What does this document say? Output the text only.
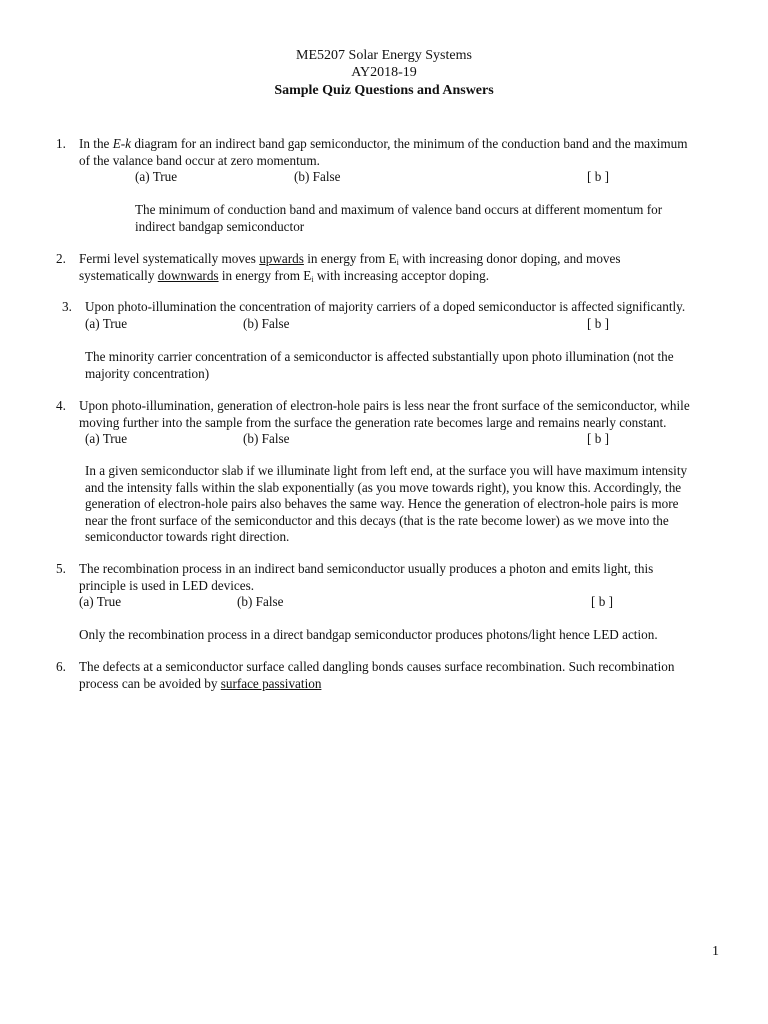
ME5207 Solar Energy Systems
AY2018-19
Sample Quiz Questions and Answers
1. In the E-k diagram for an indirect band gap semiconductor, the minimum of the conduction band and the maximum
of the valance band occur at zero momentum.
(a) True	(b) False	[ b ]
The minimum of conduction band and maximum of valence band occurs at different momentum for
indirect bandgap semiconductor
2. Fermi level systematically moves upwards in energy from $E_i$ with increasing donor doping, and moves
systematically downwards in energy from $E_i$ with increasing acceptor doping.
3. Upon photo-illumination the concentration of majority carriers of a doped semiconductor is affected significantly.
(a) True	(b) False	[ b ]
The minority carrier concentration of a semiconductor is affected substantially upon photo illumination (not the
majority concentration)
4. Upon photo-illumination, generation of electron-hole pairs is less near the front surface of the semiconductor, while
moving further into the sample from the surface the generation rate becomes large and remains nearly constant.
(a) True	(b) False	[ b ]
In a given semiconductor slab if we illuminate light from left end, at the surface you will have maximum intensity
and the intensity falls within the slab exponentially (as you move towards right), you know this. Accordingly, the
generation of electron-hole pairs also behaves the same way. Hence the generation of electron-hole pairs is more
near the front surface of the semiconductor and this decays (that is the rate become lower) as we move into the
semiconductor towards right direction.
5. The recombination process in an indirect band semiconductor usually produces a photon and emits light, this
principle is used in LED devices.
(a) True	(b) False	[ b ]
Only the recombination process in a direct bandgap semiconductor produces photons/light hence LED action.
6. The defects at a semiconductor surface called dangling bonds causes surface recombination. Such recombination
process can be avoided by surface passivation
1
